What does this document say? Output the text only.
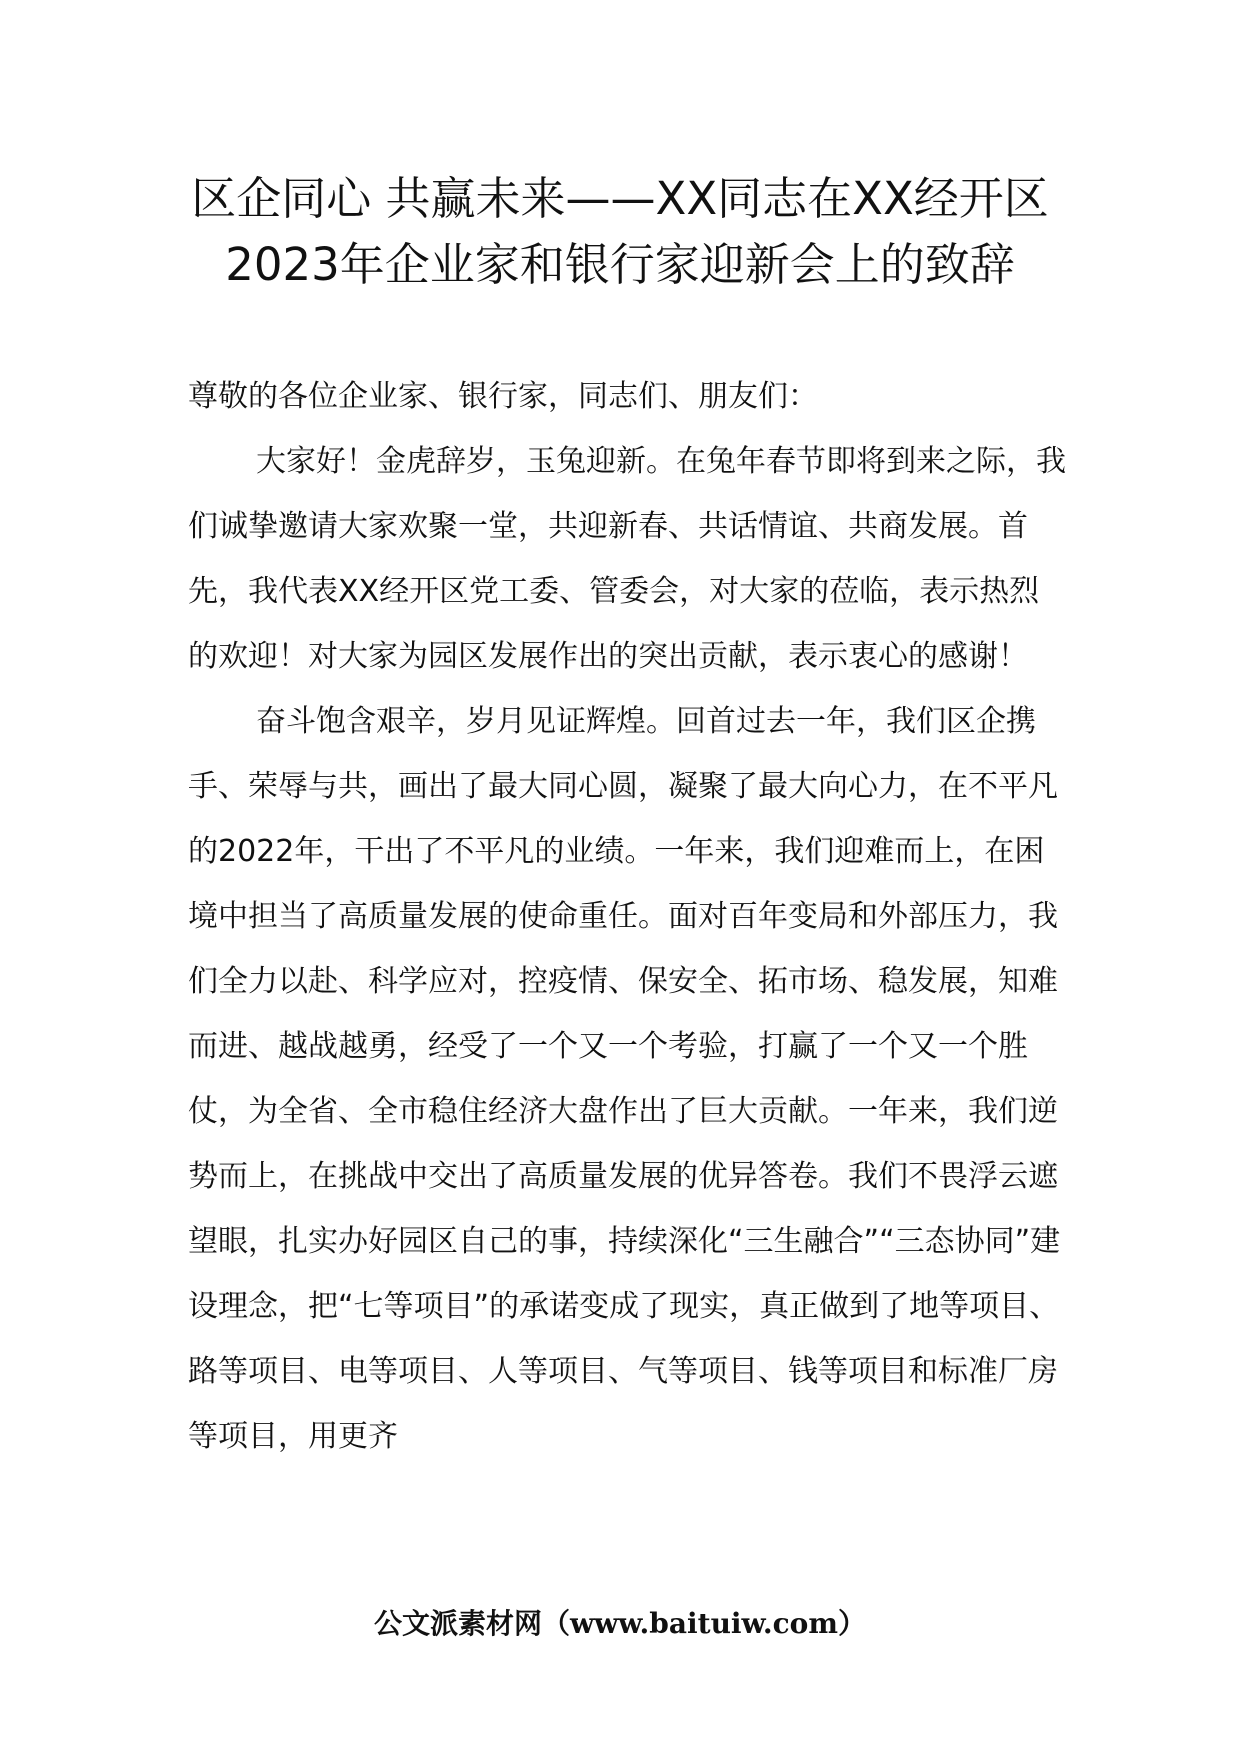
区企同心 共赢未来——XX同志在XX经开区2023年企业家和银行家迎新会上的致辞

尊敬的各位企业家、银行家，同志们、朋友们：

大家好！金虎辞岁，玉兔迎新。在兔年春节即将到来之际，我们诚挚邀请大家欢聚一堂，共迎新春、共话情谊、共商发展。首先，我代表XX经开区党工委、管委会，对大家的莅临，表示热烈的欢迎！对大家为园区发展作出的突出贡献，表示衷心的感谢！

奋斗饱含艰辛，岁月见证辉煌。回首过去一年，我们区企携手、荣辱与共，画出了最大同心圆，凝聚了最大向心力，在不平凡的2022年，干出了不平凡的业绩。一年来，我们迎难而上，在困境中担当了高质量发展的使命重任。面对百年变局和外部压力，我们全力以赴、科学应对，控疫情、保安全、拓市场、稳发展，知难而进、越战越勇，经受了一个又一个考验，打赢了一个又一个胜仗，为全省、全市稳住经济大盘作出了巨大贡献。一年来，我们逆势而上，在挑战中交出了高质量发展的优异答卷。我们不畏浮云遮望眼，扎实办好园区自己的事，持续深化“三生融合”“三态协同”建设理念，把“七等项目”的承诺变成了现实，真正做到了地等项目、路等项目、电等项目、人等项目、气等项目、钱等项目和标准厂房等项目，用更齐

公文派素材网（www.baituiw.com）
